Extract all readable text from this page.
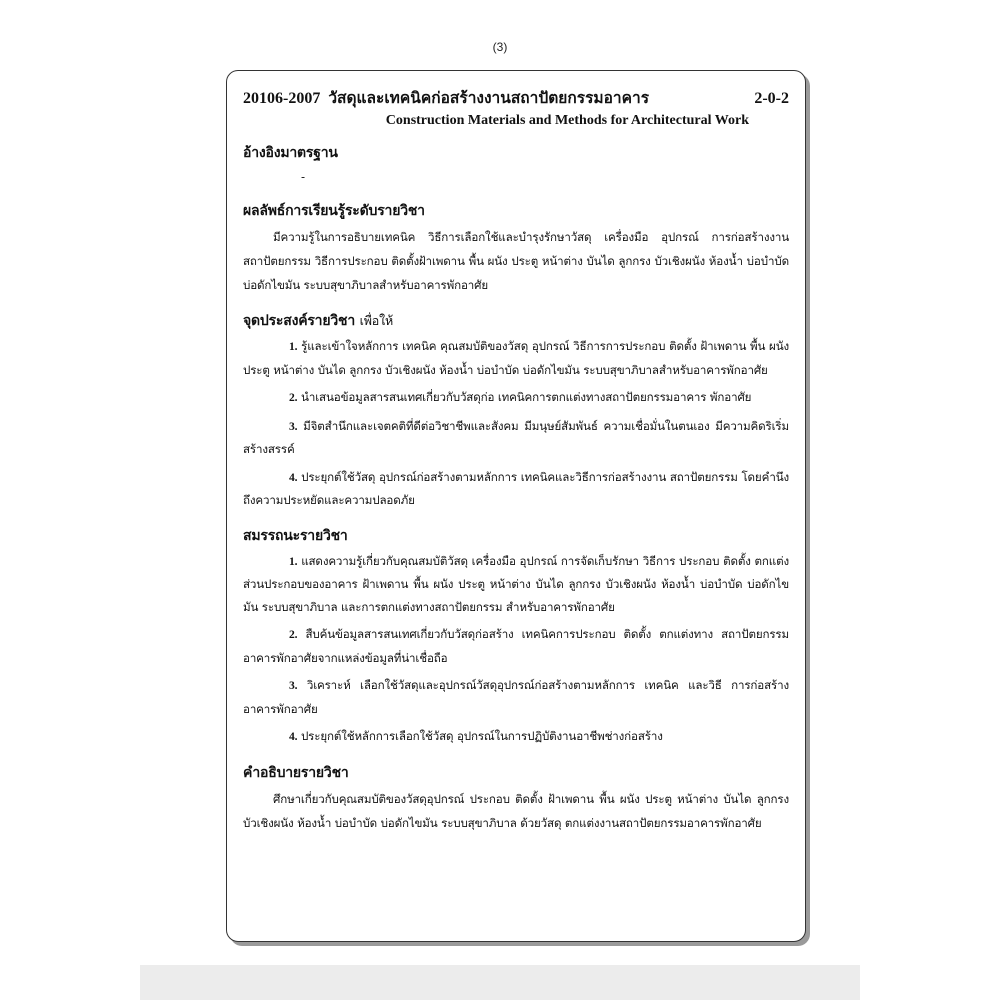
(3)
20106-2007 วัสดุและเทคนิคก่อสร้างงานสถาปัตยกรรมอาคาร	2-0-2
Construction Materials and Methods for Architectural Work
อ้างอิงมาตรฐาน
-
ผลลัพธ์การเรียนรู้ระดับรายวิชา

มีความรู้ในการอธิบายเทคนิค วิธีการเลือกใช้และบำรุงรักษาวัสดุ เครื่องมือ อุปกรณ์ การก่อสร้างงานสถาปัตยกรรม วิธีการประกอบ ติดตั้งฝ้าเพดาน พื้น ผนัง ประตู หน้าต่าง บันได ลูกกรง บัวเชิงผนัง ห้องน้ำ บ่อบำบัด บ่อดักไขมัน ระบบสุขาภิบาลสำหรับอาคารพักอาศัย

จุดประสงค์รายวิชา เพื่อให้
1. รู้และเข้าใจหลักการ เทคนิค คุณสมบัติของวัสดุ อุปกรณ์ วิธีการการประกอบ ติดตั้ง ฝ้าเพดาน พื้น ผนัง ประตู หน้าต่าง บันได ลูกกรง บัวเชิงผนัง ห้องน้ำ บ่อบำบัด บ่อดักไขมัน ระบบสุขาภิบาลสำหรับอาคารพักอาศัย
2. นำเสนอข้อมูลสารสนเทศเกี่ยวกับวัสดุก่อ เทคนิคการตกแต่งทางสถาปัตยกรรมอาคาร พักอาศัย
3. มีจิตสำนึกและเจตคติที่ดีต่อวิชาชีพและสังคม มีมนุษย์สัมพันธ์ ความเชื่อมั่นในตนเอง มีความคิดริเริ่มสร้างสรรค์
4. ประยุกต์ใช้วัสดุ อุปกรณ์ก่อสร้างตามหลักการ เทคนิคและวิธีการก่อสร้างงาน สถาปัตยกรรม โดยคำนึงถึงความประหยัดและความปลอดภัย
สมรรถนะรายวิชา
1. แสดงความรู้เกี่ยวกับคุณสมบัติวัสดุ เครื่องมือ อุปกรณ์ การจัดเก็บรักษา วิธีการ ประกอบ ติดตั้ง ตกแต่งส่วนประกอบของอาคาร ฝ้าเพดาน พื้น ผนัง ประตู หน้าต่าง บันได ลูกกรง บัวเชิงผนัง ห้องน้ำ บ่อบำบัด บ่อดักไขมัน ระบบสุขาภิบาล และการตกแต่งทางสถาปัตยกรรม สำหรับอาคารพักอาศัย
2. สืบค้นข้อมูลสารสนเทศเกี่ยวกับวัสดุก่อสร้าง เทคนิคการประกอบ ติดตั้ง ตกแต่งทาง สถาปัตยกรรมอาคารพักอาศัยจากแหล่งข้อมูลที่น่าเชื่อถือ
3. วิเคราะห์ เลือกใช้วัสดุและอุปกรณ์วัสดุอุปกรณ์ก่อสร้างตามหลักการ เทคนิค และวิธี การก่อสร้างอาคารพักอาศัย
4. ประยุกต์ใช้หลักการเลือกใช้วัสดุ อุปกรณ์ในการปฏิบัติงานอาชีพช่างก่อสร้าง
คำอธิบายรายวิชา

ศึกษาเกี่ยวกับคุณสมบัติของวัสดุอุปกรณ์ ประกอบ ติดตั้ง ฝ้าเพดาน พื้น ผนัง ประตู หน้าต่าง บันได ลูกกรง บัวเชิงผนัง ห้องน้ำ บ่อบำบัด บ่อดักไขมัน ระบบสุขาภิบาล ด้วยวัสดุ ตกแต่งงานสถาปัตยกรรมอาคารพักอาศัย
